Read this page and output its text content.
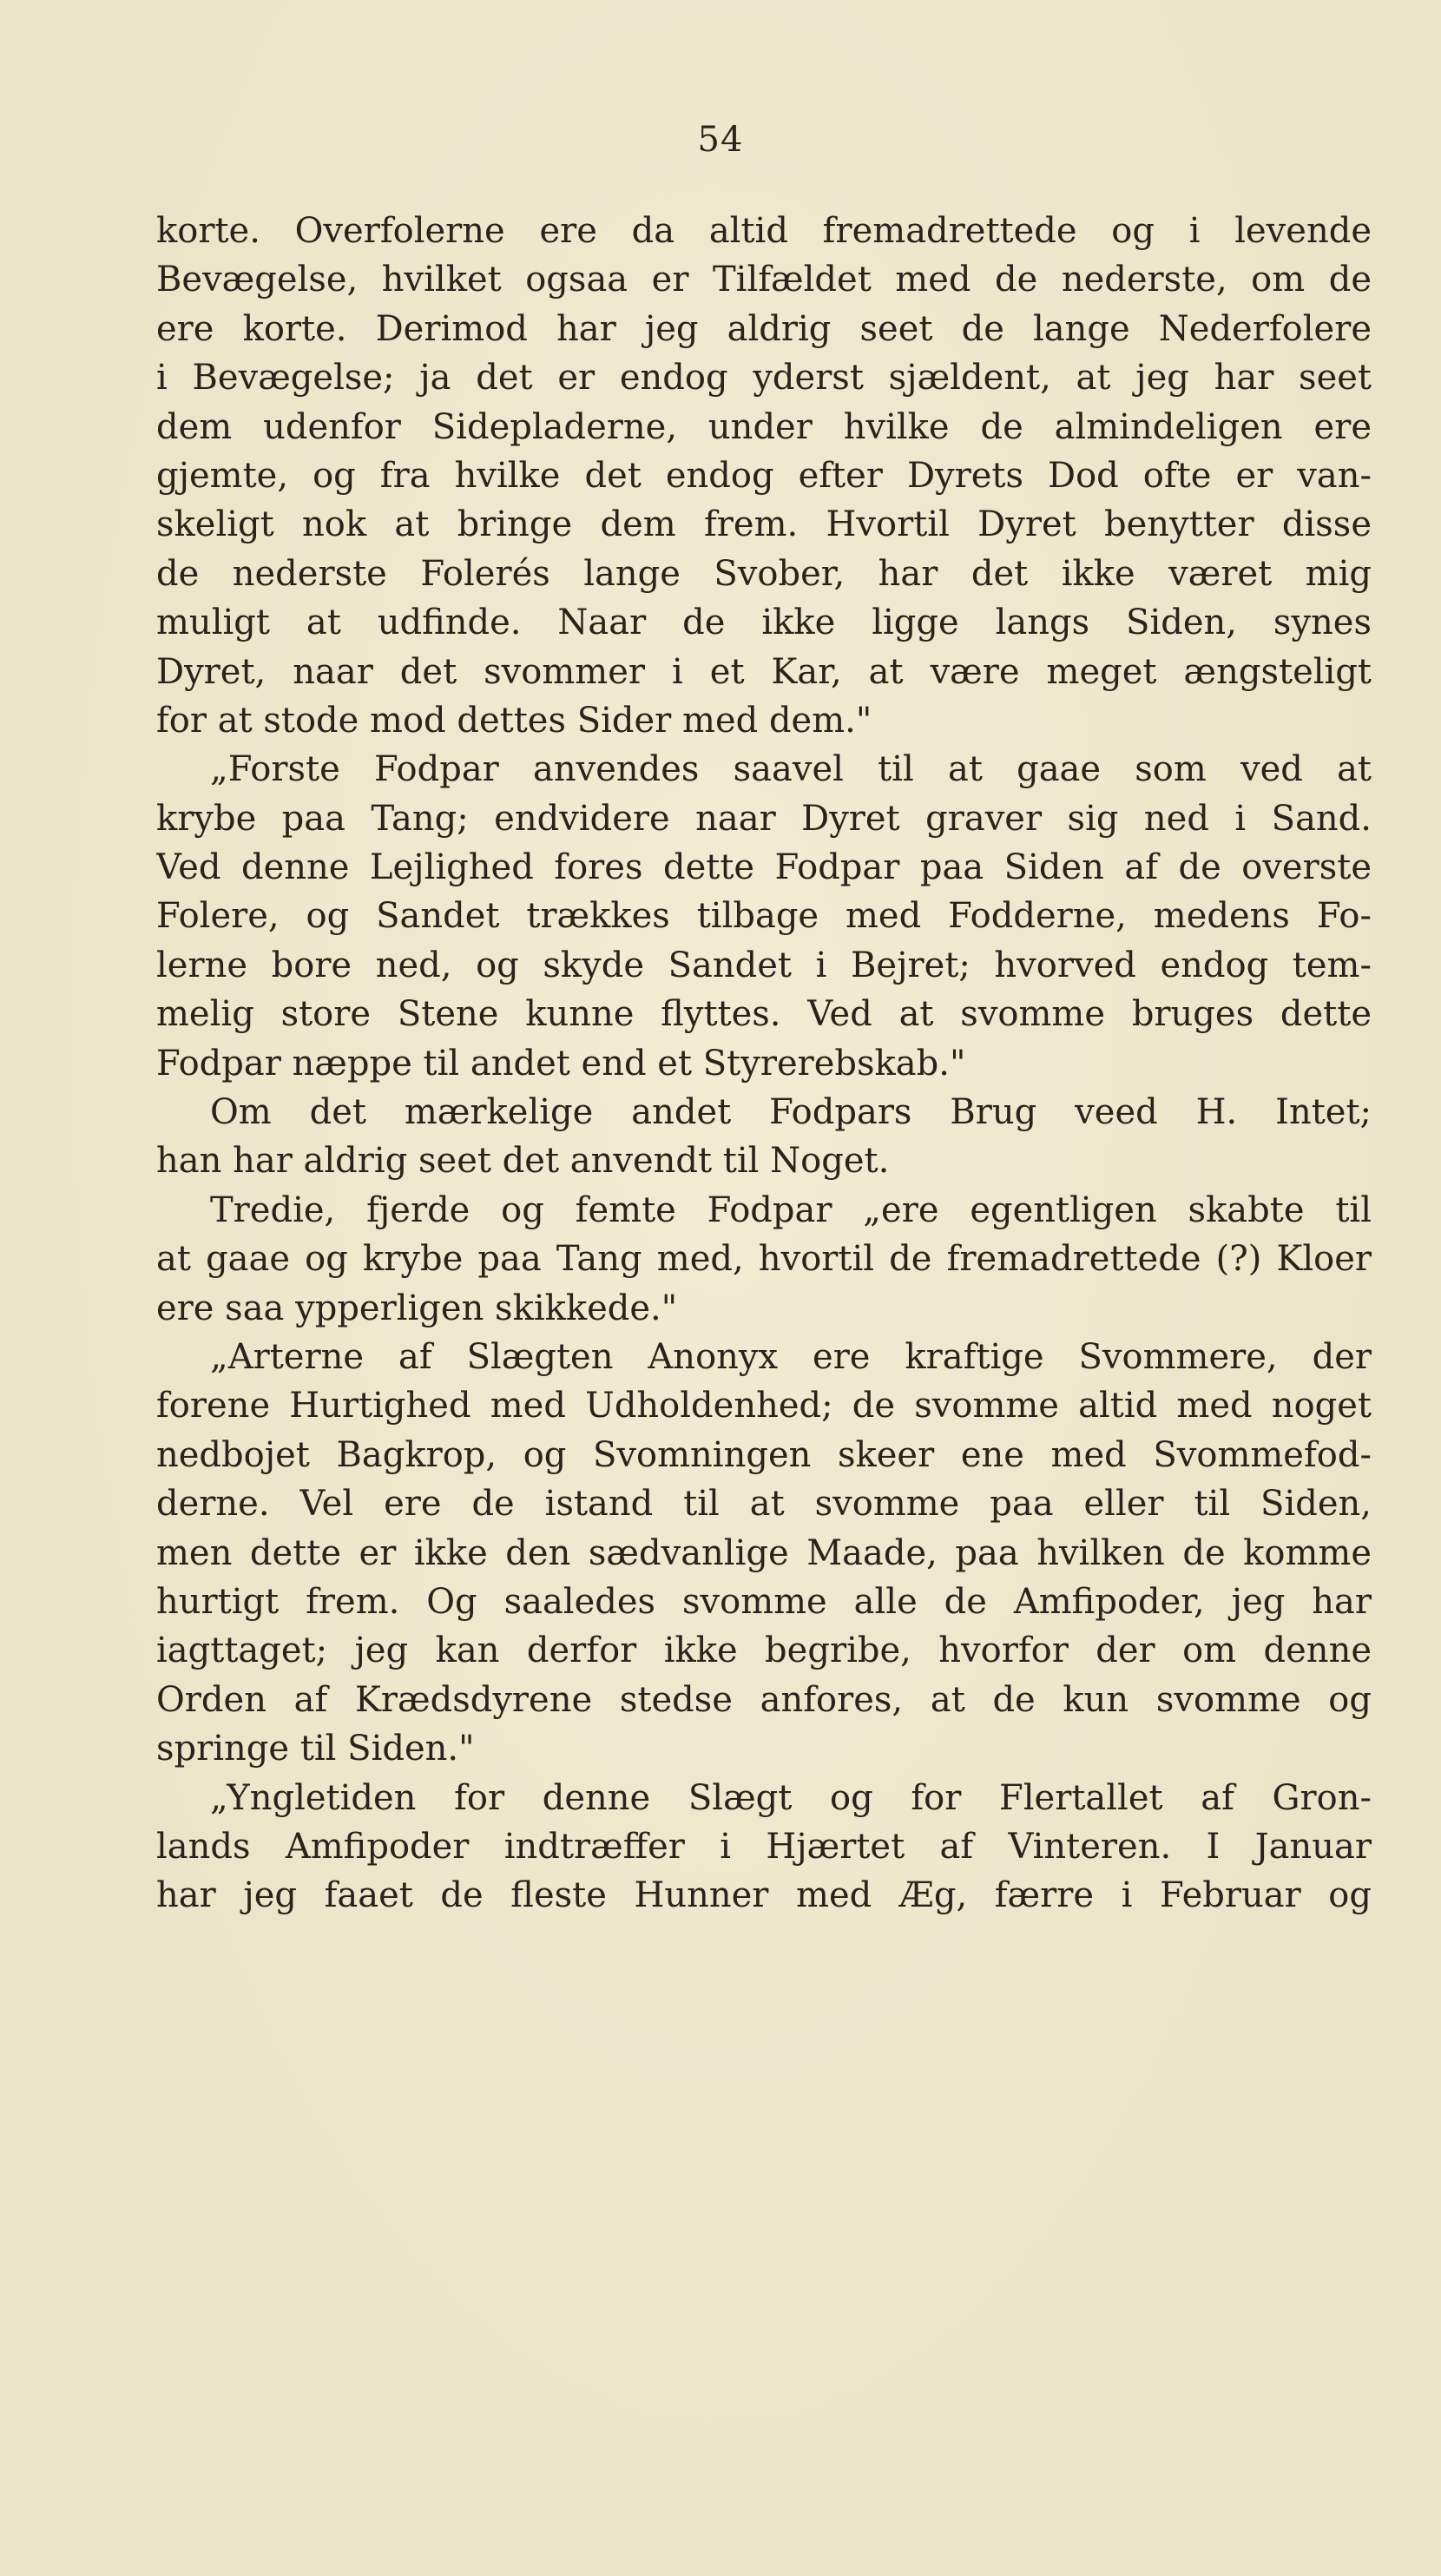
54
korte. Overfolerne ere da altid fremadrettede og i levende
Bevægelse, hvilket ogsaa er Tilfældet med de nederste, om de
ere korte. Derimod har jeg aldrig seet de lange Nederfolere
i Bevægelse; ja det er endog yderst sjældent, at jeg har seet
dem udenfor Sidepladerne, under hvilke de almindeligen ere
gjemte, og fra hvilke det endog efter Dyrets Dod ofte er van-
skeligt nok at bringe dem frem. Hvortil Dyret benytter disse
de nederste Folerés lange Svober, har det ikke været mig
muligt at udfinde. Naar de ikke ligge langs Siden, synes
Dyret, naar det svommer i et Kar, at være meget ængsteligt
for at stode mod dettes Sider med dem."
„Forste Fodpar anvendes saavel til at gaae som ved at
krybe paa Tang; endvidere naar Dyret graver sig ned i Sand.
Ved denne Lejlighed fores dette Fodpar paa Siden af de overste
Folere, og Sandet trækkes tilbage med Fodderne, medens Fo-
lerne bore ned, og skyde Sandet i Bejret; hvorved endog tem-
melig store Stene kunne flyttes. Ved at svomme bruges dette
Fodpar næppe til andet end et Styrerebskab."
Om det mærkelige andet Fodpars Brug veed H. Intet;
han har aldrig seet det anvendt til Noget.
Tredie, fjerde og femte Fodpar „ere egentligen skabte til
at gaae og krybe paa Tang med, hvortil de fremadrettede (?) Kloer
ere saa ypperligen skikkede."
„Arterne af Slægten Anonyx ere kraftige Svommere, der
forene Hurtighed med Udholdenhed; de svomme altid med noget
nedbojet Bagkrop, og Svomningen skeer ene med Svommefod-
derne. Vel ere de istand til at svomme paa eller til Siden,
men dette er ikke den sædvanlige Maade, paa hvilken de komme
hurtigt frem. Og saaledes svomme alle de Amfipoder, jeg har
iagttaget; jeg kan derfor ikke begribe, hvorfor der om denne
Orden af Krædsdyrene stedse anfores, at de kun svomme og
springe til Siden."
„Yngletiden for denne Slægt og for Flertallet af Gron-
lands Amfipoder indtræffer i Hjærtet af Vinteren. I Januar
har jeg faaet de fleste Hunner med Æg, færre i Februar og
